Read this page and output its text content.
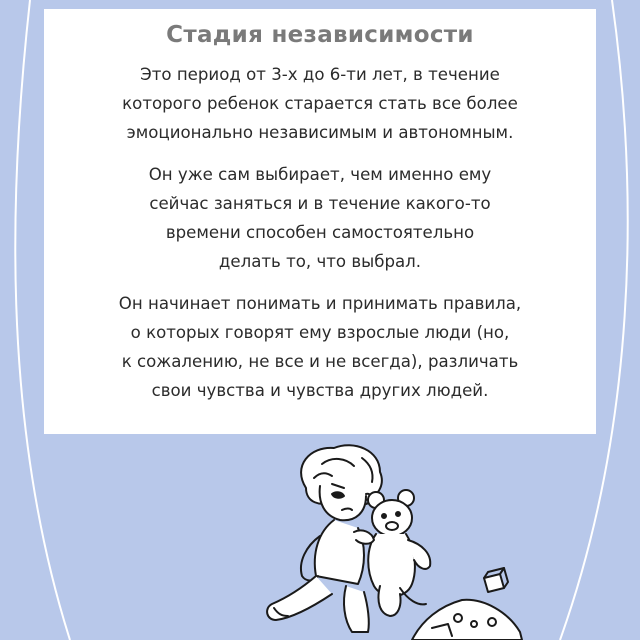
Стадия независимости

Это период от 3-х до 6-ти лет, в течение
которого ребенок старается стать все более
эмоционально независимым и автономным.

Он уже сам выбирает, чем именно ему
сейчас заняться и в течение какого-то
времени способен самостоятельно
делать то, что выбрал.

Он начинает понимать и принимать правила,
о которых говорят ему взрослые люди (но,
к сожалению, не все и не всегда), различать
свои чувства и чувства других людей.
